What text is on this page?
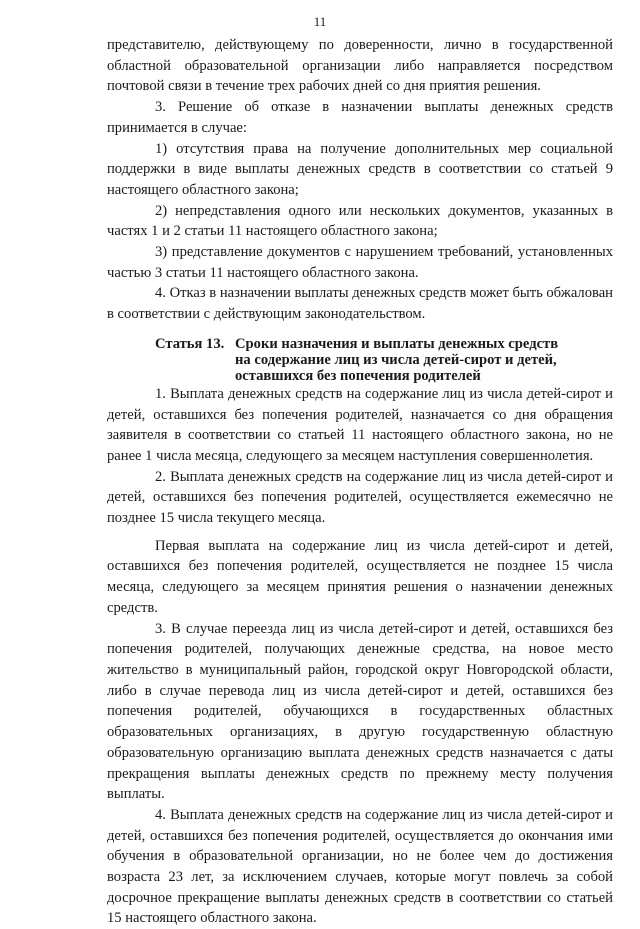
11

представителю, действующему по доверенности, лично в государственной областной образовательной организации либо направляется посредством почтовой связи в течение трех рабочих дней со дня приятия решения.

3. Решение об отказе в назначении выплаты денежных средств принимается в случае:

1) отсутствия права на получение дополнительных мер социальной поддержки в виде выплаты денежных средств в соответствии со статьей 9 настоящего областного закона;

2) непредставления одного или нескольких документов, указанных в частях 1 и 2 статьи 11 настоящего областного закона;

3) представление документов с нарушением требований, установленных частью 3 статьи 11 настоящего областного закона.

4. Отказ в назначении выплаты денежных средств может быть обжалован в соответствии с действующим законодательством.

Статья 13. Сроки назначения и выплаты денежных средств
на содержание лиц из числа детей-сирот и детей,
оставшихся без попечения родителей

1. Выплата денежных средств на содержание лиц из числа детей-сирот и детей, оставшихся без попечения родителей, назначается со дня обращения заявителя в соответствии со статьей 11 настоящего областного закона, но не ранее 1 числа месяца, следующего за месяцем наступления совершеннолетия.

2. Выплата денежных средств на содержание лиц из числа детей-сирот и детей, оставшихся без попечения родителей, осуществляется ежемесячно не позднее 15 числа текущего месяца.

Первая выплата на содержание лиц из числа детей-сирот и детей, оставшихся без попечения родителей, осуществляется не позднее 15 числа месяца, следующего за месяцем принятия решения о назначении денежных средств.

3. В случае переезда лиц из числа детей-сирот и детей, оставшихся без попечения родителей, получающих денежные средства, на новое место жительство в муниципальный район, городской округ Новгородской области, либо в случае перевода лиц из числа детей-сирот и детей, оставшихся без попечения родителей, обучающихся в государственных областных образовательных организациях, в другую государственную областную образовательную организацию выплата денежных средств назначается с даты прекращения выплаты денежных средств по прежнему месту получения выплаты.

4. Выплата денежных средств на содержание лиц из числа детей-сирот и детей, оставшихся без попечения родителей, осуществляется до окончания ими обучения в образовательной организации, но не более чем до достижения возраста 23 лет, за исключением случаев, которые могут повлечь за собой досрочное прекращение выплаты денежных средств в соответствии со статьей 15 настоящего областного закона.
